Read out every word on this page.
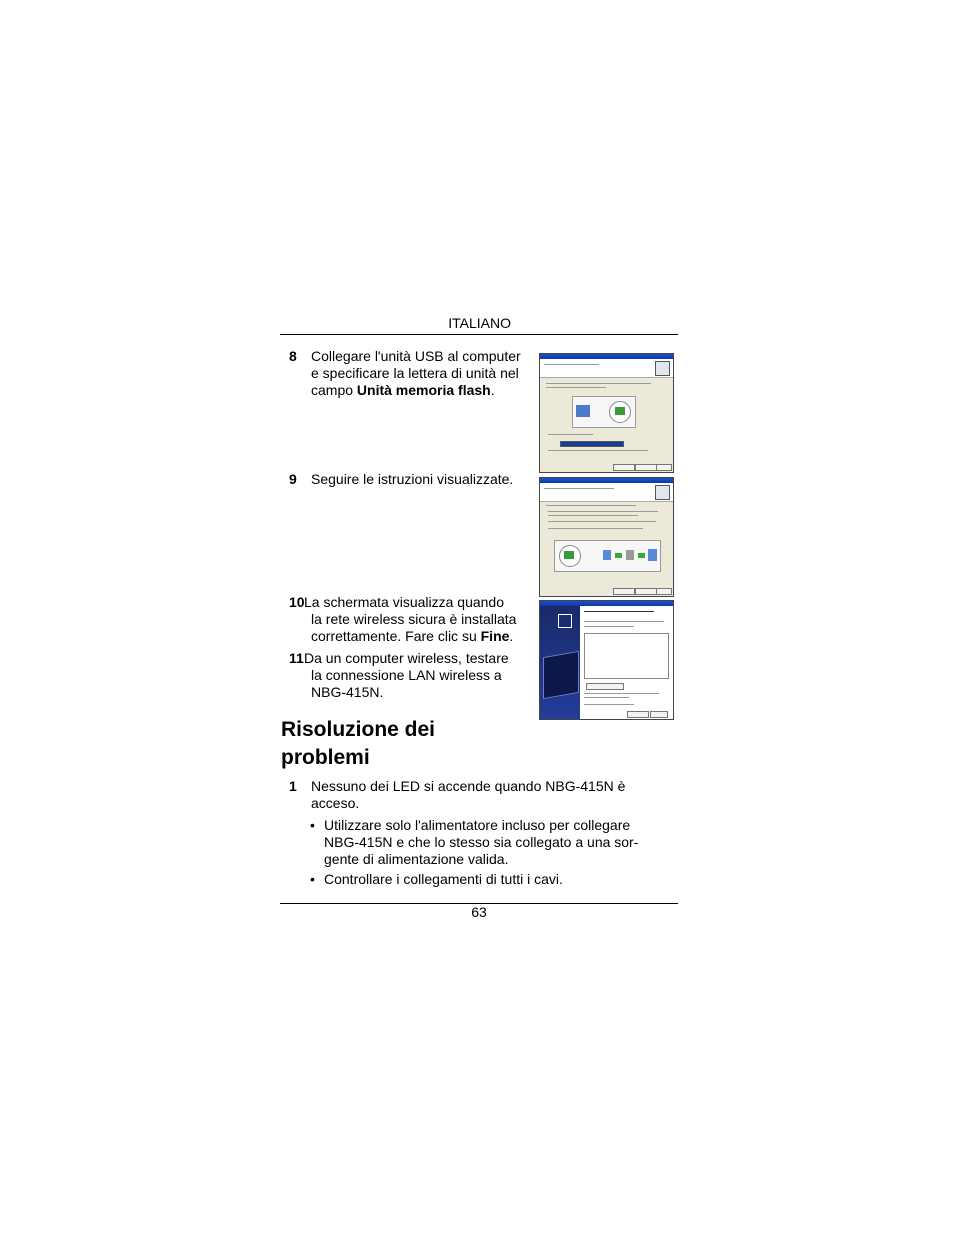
ITALIANO
8 Collegare l'unità USB al computer
e specificare la lettera di unità nel
campo Unità memoria flash.
9 Seguire le istruzioni visualizzate.
10 La schermata visualizza quando
la rete wireless sicura è installata
correttamente. Fare clic su Fine.
11 Da un computer wireless, testare
la connessione LAN wireless a
NBG-415N.
Risoluzione dei
problemi
1 Nessuno dei LED si accende quando NBG-415N è
acceso.
• Utilizzare solo l'alimentatore incluso per collegare
NBG-415N e che lo stesso sia collegato a una sor-
gente di alimentazione valida.
• Controllare i collegamenti di tutti i cavi.
63
